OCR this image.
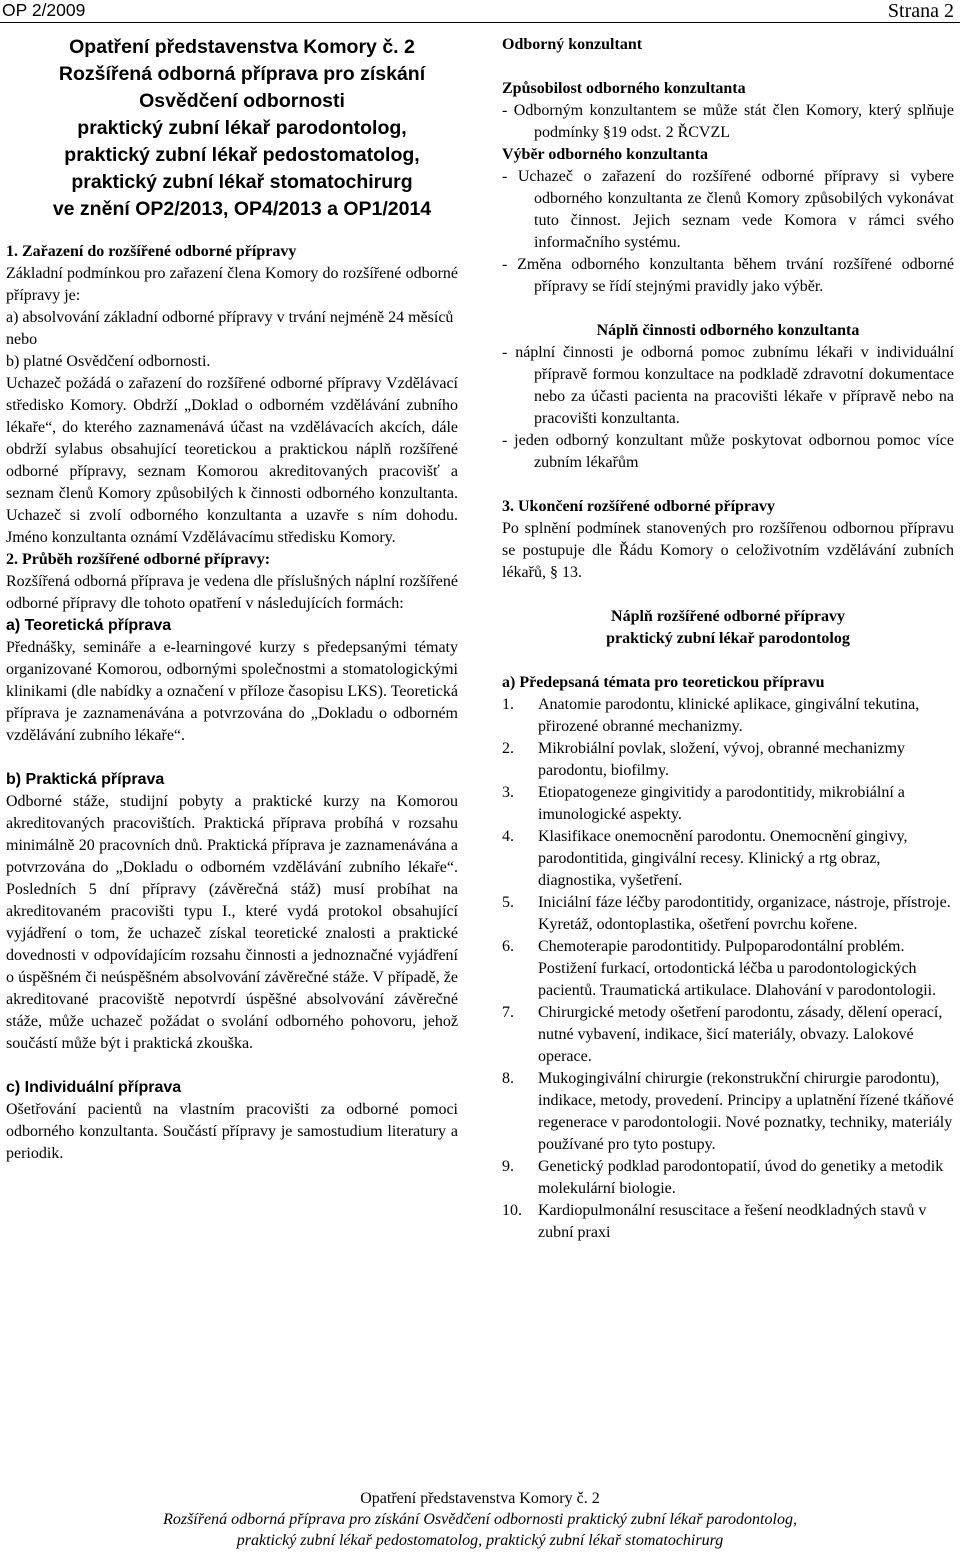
OP 2/2009	Strana 2
Opatření představenstva Komory č. 2
Rozšířená odborná příprava pro získání
Osvědčení odbornosti
praktický zubní lékař parodontolog,
praktický zubní lékař pedostomatolog,
praktický zubní lékař stomatochirurg
ve znění OP2/2013, OP4/2013 a OP1/2014

1. Zařazení do rozšířené odborné přípravy

Základní podmínkou pro zařazení člena Komory do rozšířené odborné přípravy je:

a) absolvování základní odborné přípravy v trvání nejméně 24 měsíců

nebo

b) platné Osvědčení odbornosti.

Uchazeč požádá o zařazení do rozšířené odborné přípravy Vzdělávací středisko Komory. Obdrží „Doklad o odborném vzdělávání zubního lékaře“, do kterého zaznamenává účast na vzdělávacích akcích, dále obdrží sylabus obsahující teoretickou a praktickou náplň rozšířené odborné přípravy, seznam Komorou akreditovaných pracovišť a seznam členů Komory způsobilých k činnosti odborného konzultanta. Uchazeč si zvolí odborného konzultanta a uzavře s ním dohodu. Jméno konzultanta oznámí Vzdělávacímu středisku Komory.

2. Průběh rozšířené odborné přípravy:

Rozšířená odborná příprava je vedena dle příslušných náplní rozšířené odborné přípravy dle tohoto opatření v následujících formách:

a) Teoretická příprava

Přednášky, semináře a e-learningové kurzy s předepsanými tématy organizované Komorou, odbornými společnostmi a stomatologickými klinikami (dle nabídky a označení v příloze časopisu LKS). Teoretická příprava je zaznamenávána a potvrzována do „Dokladu o odborném vzdělávání zubního lékaře“.

b) Praktická příprava

Odborné stáže, studijní pobyty a praktické kurzy na Komorou akreditovaných pracovištích. Praktická příprava probíhá v rozsahu minimálně 20 pracovních dnů. Praktická příprava je zaznamenávána a potvrzována do „Dokladu o odborném vzdělávání zubního lékaře“. Posledních 5 dní přípravy (závěrečná stáž) musí probíhat na akreditovaném pracovišti typu I., které vydá protokol obsahující vyjádření o tom, že uchazeč získal teoretické znalosti a praktické dovednosti v odpovídajícím rozsahu činnosti a jednoznačné vyjádření o úspěšném či neúspěšném absolvování závěrečné stáže. V případě, že akreditované pracoviště nepotvrdí úspěšné absolvování závěrečné stáže, může uchazeč požádat o svolání odborného pohovoru, jehož součástí může být i praktická zkouška.

c) Individuální příprava

Ošetřování pacientů na vlastním pracovišti za odborné pomoci odborného konzultanta. Součástí přípravy je samostudium literatury a periodik.

Odborný konzultant

Způsobilost odborného konzultanta

- Odborným konzultantem se může stát člen Komory, který splňuje podmínky §19 odst. 2 ŘCVZL

Výběr odborného konzultanta

- Uchazeč o zařazení do rozšířené odborné přípravy si vybere odborného konzultanta ze členů Komory způsobilých vykonávat tuto činnost. Jejich seznam vede Komora v rámci svého informačního systému.

- Změna odborného konzultanta během trvání rozšířené odborné přípravy se řídí stejnými pravidly jako výběr.

Náplň činnosti odborného konzultanta

- náplní činnosti je odborná pomoc zubnímu lékaři v individuální přípravě formou konzultace na podkladě zdravotní dokumentace nebo za účasti pacienta na pracovišti lékaře v přípravě nebo na pracovišti konzultanta.

- jeden odborný konzultant může poskytovat odbornou pomoc více zubním lékařům

3. Ukončení rozšířené odborné přípravy

Po splnění podmínek stanovených pro rozšířenou odbornou přípravu se postupuje dle Řádu Komory o celoživotním vzdělávání zubních lékařů, § 13.

Náplň rozšířené odborné přípravy

praktický zubní lékař parodontolog

a) Předepsaná témata pro teoretickou přípravu

1. Anatomie parodontu, klinické aplikace, gingivální tekutina, přirozené obranné mechanizmy.
2. Mikrobiální povlak, složení, vývoj, obranné mechanizmy parodontu, biofilmy.
3. Etiopatogeneze gingivitidy a parodontitidy, mikrobiální a imunologické aspekty.
4. Klasifikace onemocnění parodontu. Onemocnění gingivy, parodontitida, gingivální recesy. Klinický a rtg obraz, diagnostika, vyšetření.
5. Iniciální fáze léčby parodontitidy, organizace, nástroje, přístroje. Kyretáž, odontoplastika, ošetření povrchu kořene.
6. Chemoterapie parodontitidy. Pulpoparodontální problém. Postižení furkací, ortodontická léčba u parodontologických pacientů. Traumatická artikulace. Dlahování v parodontologii.
7. Chirurgické metody ošetření parodontu, zásady, dělení operací, nutné vybavení, indikace, šicí materiály, obvazy. Lalokové operace.
8. Mukogingivální chirurgie (rekonstrukční chirurgie parodontu), indikace, metody, provedení. Principy a uplatnění řízené tkáňové regenerace v parodontologii. Nové poznatky, techniky, materiály používané pro tyto postupy.
9. Genetický podklad parodontopatií, úvod do genetiky a metodik molekulární biologie.
10. Kardiopulmonální resuscitace a řešení neodkladných stavů v zubní praxi
Opatření představenstva Komory č. 2
Rozšířená odborná příprava pro získání Osvědčení odbornosti praktický zubní lékař parodontolog,
praktický zubní lékař pedostomatolog, praktický zubní lékař stomatochirurg
